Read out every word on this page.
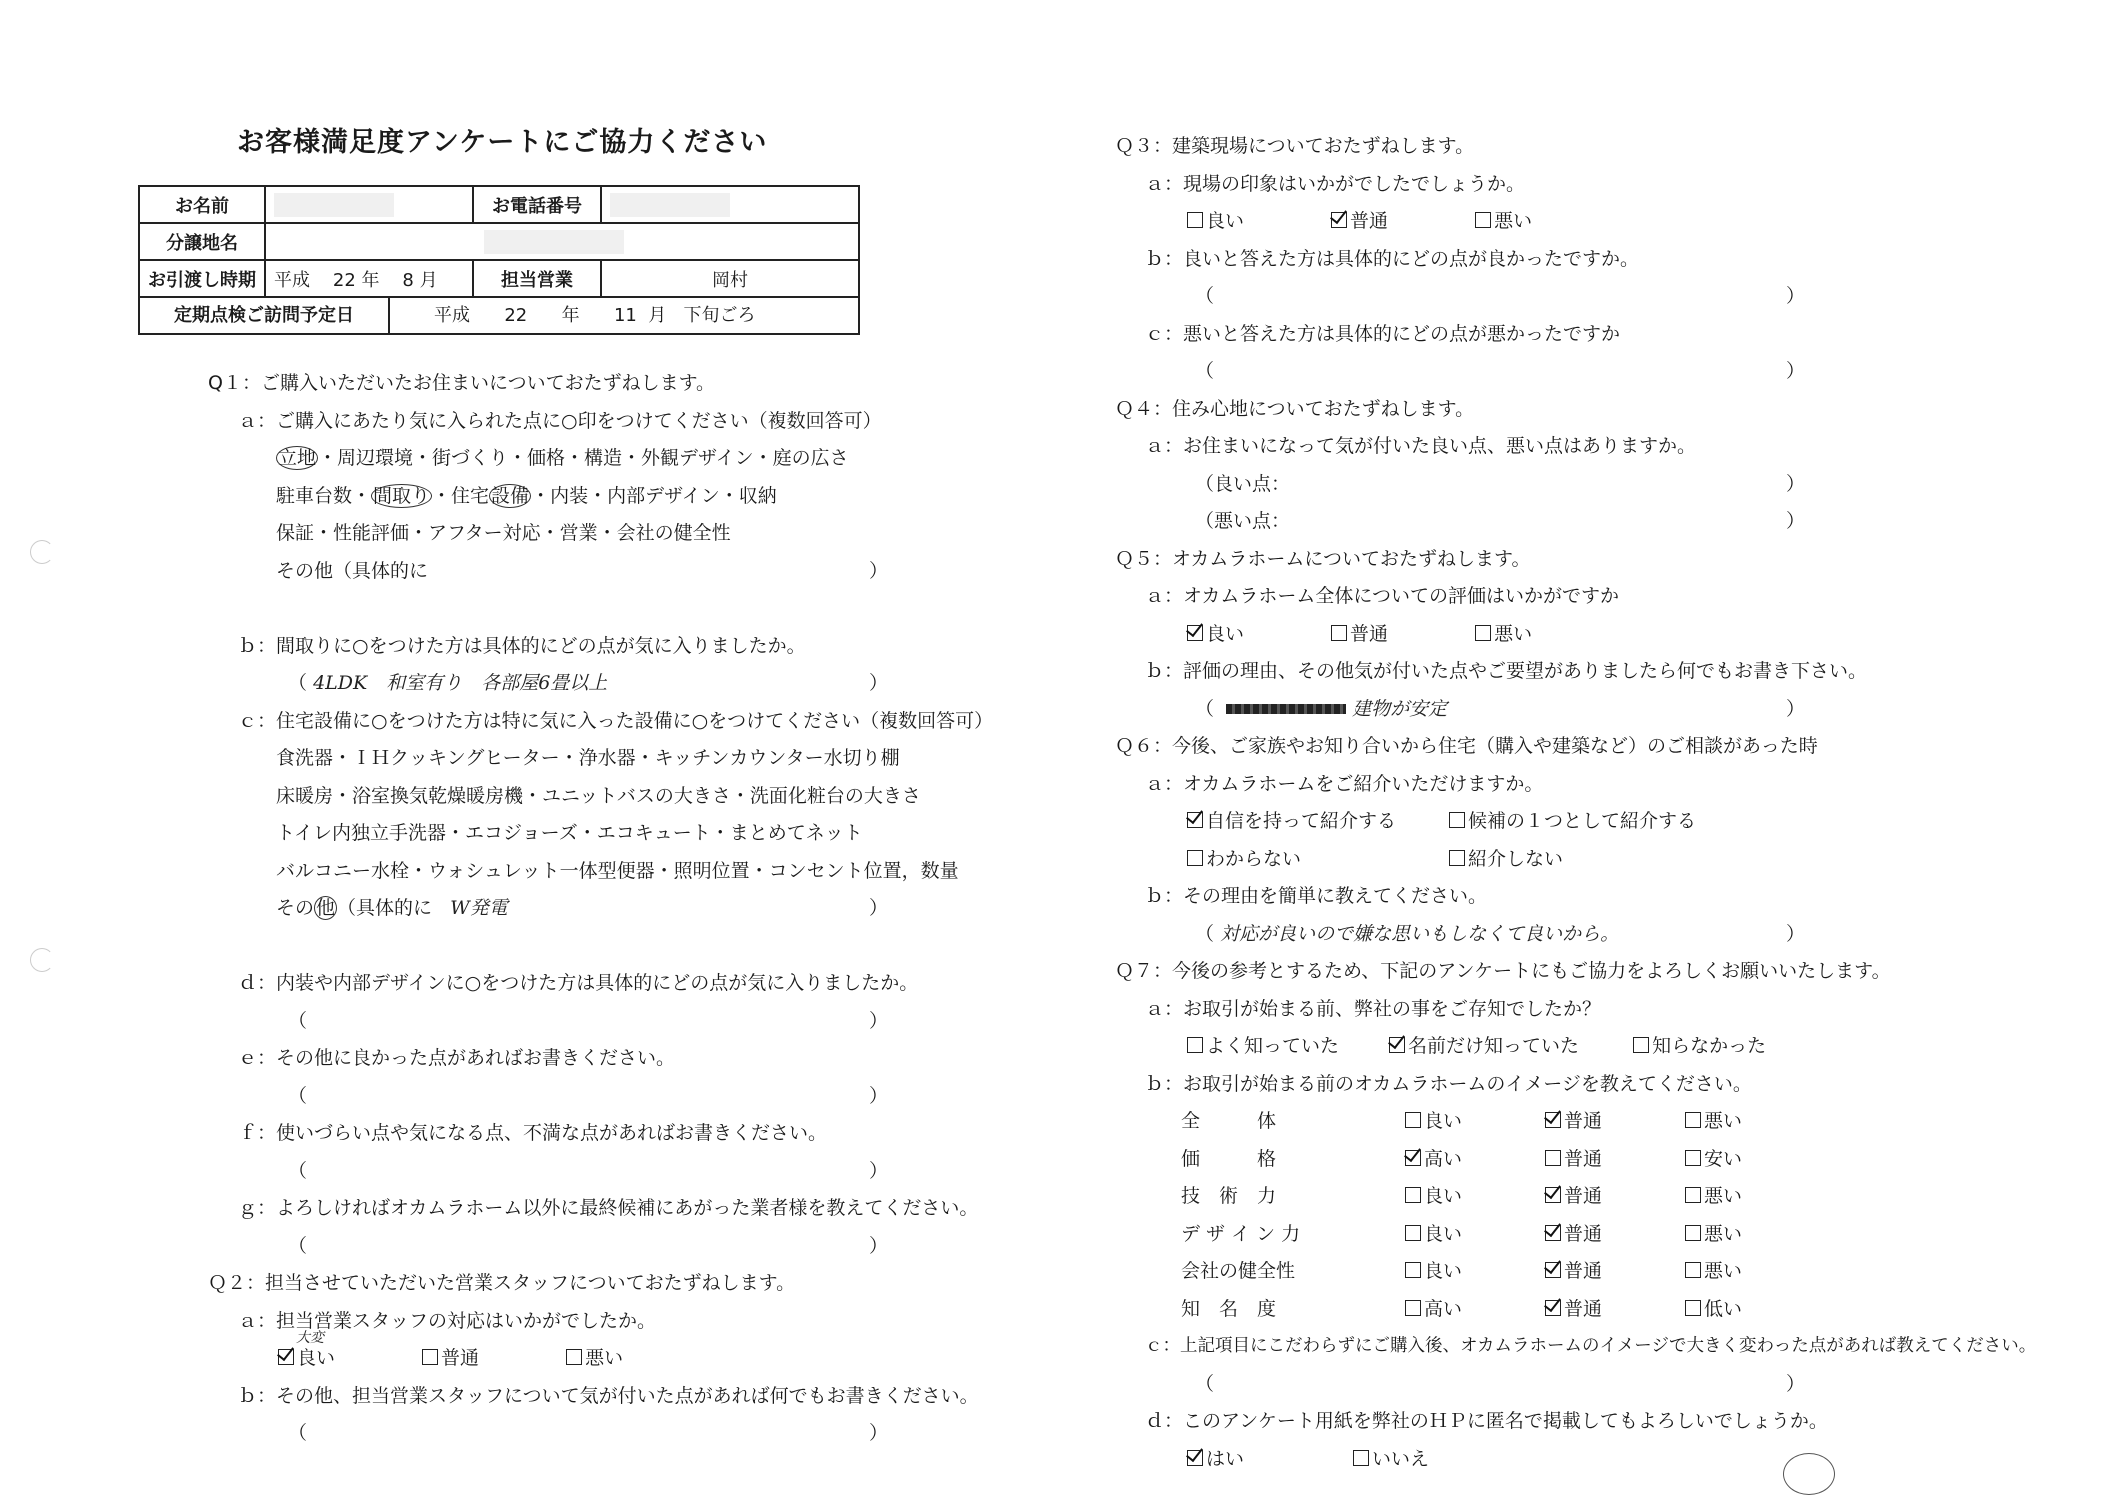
お客様満足度アンケートにご協力ください
お名前		お電話番号	
分譲地名			
お引渡し時期	平成 22 年 8 月	担当営業	岡村

定期点検ご訪問予定日 平成 22 年 11 月 下旬ごろ			
Q１：ご購入いただいたお住まいについておたずねします。
ａ：ご購入にあたり気に入られた点に○印をつけてください（複数回答可）
立地 ・周辺環境・街づくり・価格・構造・外観デザイン・庭の広さ
駐車台数・ 間取り ・住宅 設備 ・内装・内部デザイン・収納
保証・性能評価・アフター対応・営業・会社の健全性
その他（具体的に	）
ｂ：間取りに○をつけた方は具体的にどの点が気に入りましたか。
（ 4LDK　和室有り　各部屋6畳以上	）
ｃ：住宅設備に○をつけた方は特に気に入った設備に○をつけてください（複数回答可）
食洗器・ＩＨクッキングヒーター・浄水器・キッチンカウンター水切り棚
床暖房・浴室換気乾燥暖房機・ユニットバスの大きさ・洗面化粧台の大きさ
トイレ内独立手洗器・エコジョーズ・エコキュート・まとめてネット
バルコニー水栓・ウォシュレット一体型便器・照明位置・コンセント位置，数量
その 他 （具体的に W発電	）
ｄ：内装や内部デザインに○をつけた方は具体的にどの点が気に入りましたか。
（	）
ｅ：その他に良かった点があればお書きください。
（	）
ｆ：使いづらい点や気になる点、不満な点があればお書きください。
（	）
ｇ：よろしければオカムラホーム以外に最終候補にあがった業者様を教えてください。
（	）
Ｑ２：担当させていただいた営業スタッフについておたずねします。
ａ：担当営業スタッフの対応はいかがでしたか。
良い
大変
普通	悪い
ｂ：その他、担当営業スタッフについて気が付いた点があれば何でもお書きください。
（	）
Ｑ３：建築現場についておたずねします。
ａ：現場の印象はいかがでしたでしょうか。
良い	普通	悪い
ｂ：良いと答えた方は具体的にどの点が良かったですか。
（	）
ｃ：悪いと答えた方は具体的にどの点が悪かったですか
（	）
Ｑ４：住み心地についておたずねします。
ａ：お住まいになって気が付いた良い点、悪い点はありますか。
（良い点：	）
（悪い点：	）
Ｑ５：オカムラホームについておたずねします。
ａ：オカムラホーム全体についての評価はいかがですか
良い	普通	悪い
ｂ：評価の理由、その他気が付いた点やご要望がありましたら何でもお書き下さい。
（	建物が安定	）
Ｑ６：今後、ご家族やお知り合いから住宅（購入や建築など）のご相談があった時
ａ：オカムラホームをご紹介いただけますか。
自信を持って紹介する	候補の１つとして紹介する
わからない	紹介しない
ｂ：その理由を簡単に教えてください。
（ 対応が良いので嫌な思いもしなくて良いから。	）
Ｑ７：今後の参考とするため、下記のアンケートにもご協力をよろしくお願いいたします。
ａ：お取引が始まる前、弊社の事をご存知でしたか？
よく知っていた	名前だけ知っていた	知らなかった
ｂ：お取引が始まる前のオカムラホームのイメージを教えてください。
全　　　体	良い	普通	悪い
価　　　格	高い	普通	安い
技　術　力	良い	普通	悪い
デ ザ イ ン 力	良い	普通	悪い
会社の健全性	良い	普通	悪い
知　名　度	高い	普通	低い
ｃ：上記項目にこだわらずにご購入後、オカムラホームのイメージで大きく変わった点があれば教えてください。
（	）
ｄ：このアンケート用紙を弊社のＨＰに匿名で掲載してもよろしいでしょうか。
はい	いいえ
